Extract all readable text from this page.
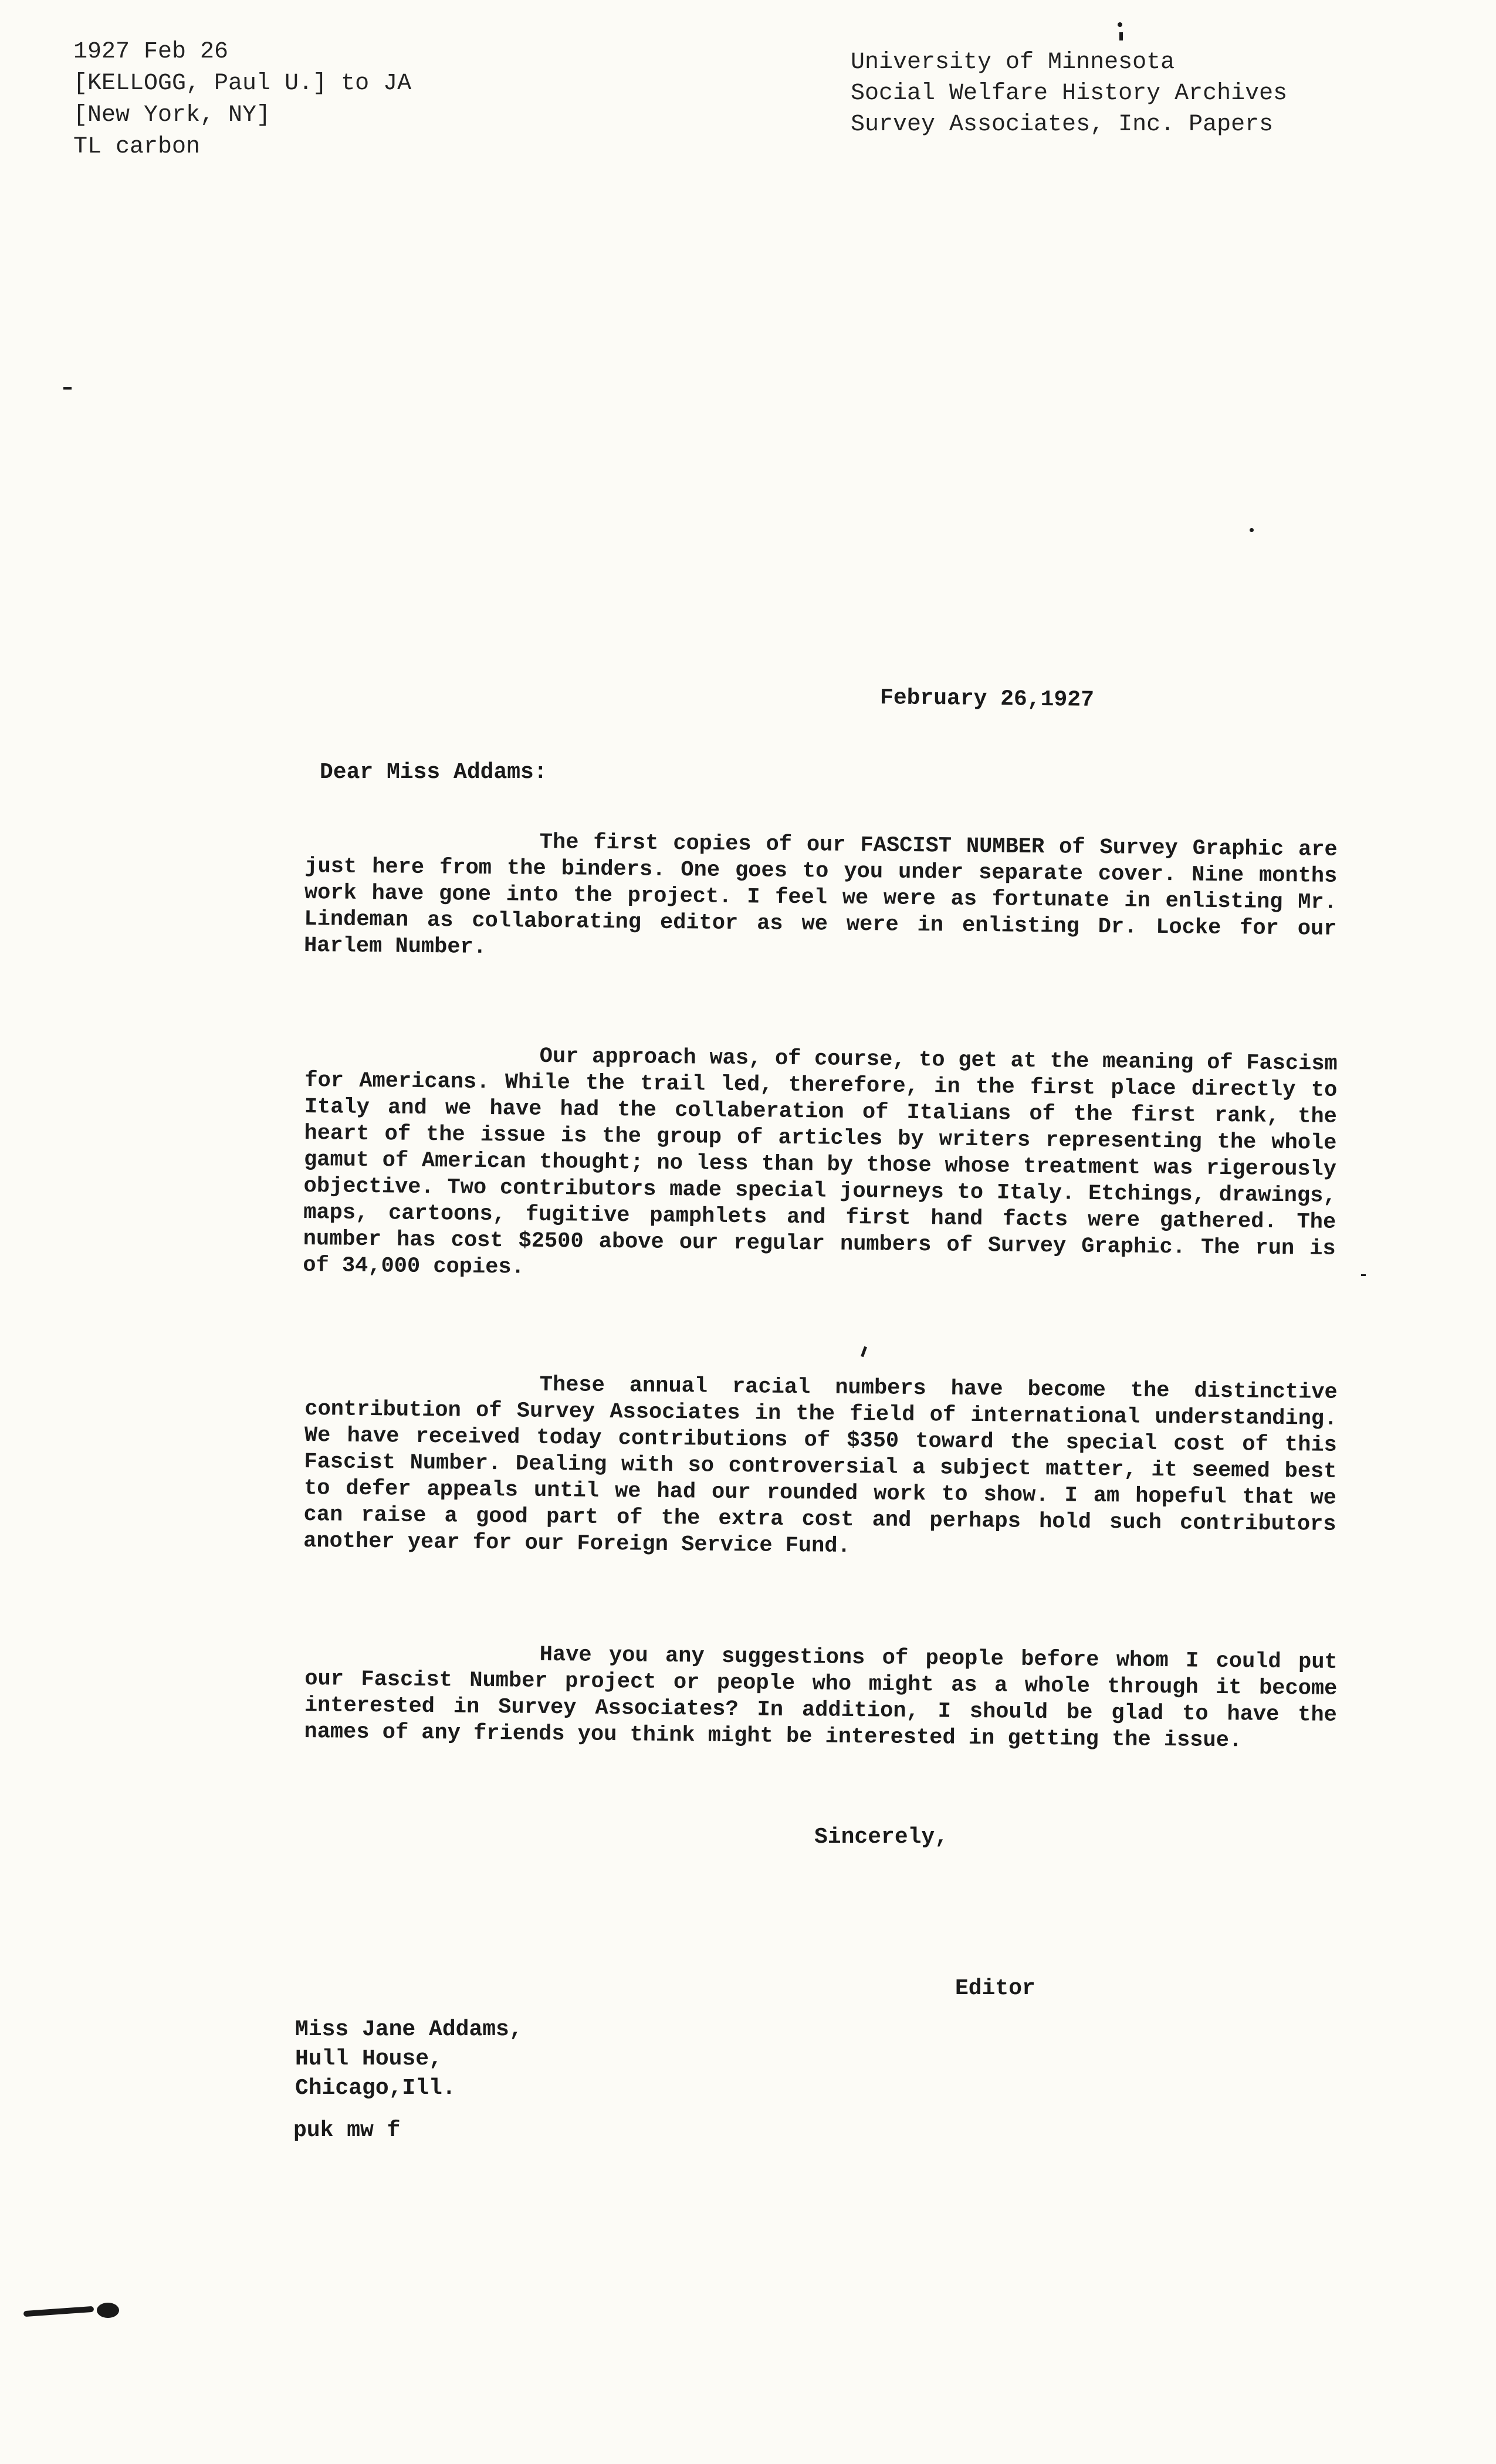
1927 Feb 26
[KELLOGG, Paul U.] to JA
[New York, NY]
TL carbon
University of Minnesota
Social Welfare History Archives
Survey Associates, Inc. Papers
February 26,1927
Dear Miss Addams:
The first copies of our FASCIST NUMBER of Survey Graphic are just here from the binders. One goes to you under separate cover. Nine months work have gone into the project. I feel we were as fortunate in enlisting Mr. Lindeman as collaborating editor as we were in enlisting Dr. Locke for our Harlem Number.
Our approach was, of course, to get at the meaning of Fascism for Americans. While the trail led, therefore, in the first place directly to Italy and we have had the collaberation of Italians of the first rank, the heart of the issue is the group of articles by writers representing the whole gamut of American thought; no less than by those whose treatment was rigerously objective. Two contributors made special journeys to Italy. Etchings, drawings, maps, cartoons, fugitive pamphlets and first hand facts were gathered. The number has cost $2500 above our regular numbers of Survey Graphic. The run is of 34,000 copies.
These annual racial numbers have become the distinctive contribution of Survey Associates in the field of international understanding. We have received today contributions of $350 toward the special cost of this Fascist Number. Dealing with so controversial a subject matter, it seemed best to defer appeals until we had our rounded work to show. I am hopeful that we can raise a good part of the extra cost and perhaps hold such contributors another year for our Foreign Service Fund.
Have you any suggestions of people before whom I could put our Fascist Number project or people who might as a whole through it become interested in Survey Associates? In addition, I should be glad to have the names of any friends you think might be interested in getting the issue.
Sincerely,
Editor
Miss Jane Addams,
Hull House,
Chicago,Ill.
puk mw f
